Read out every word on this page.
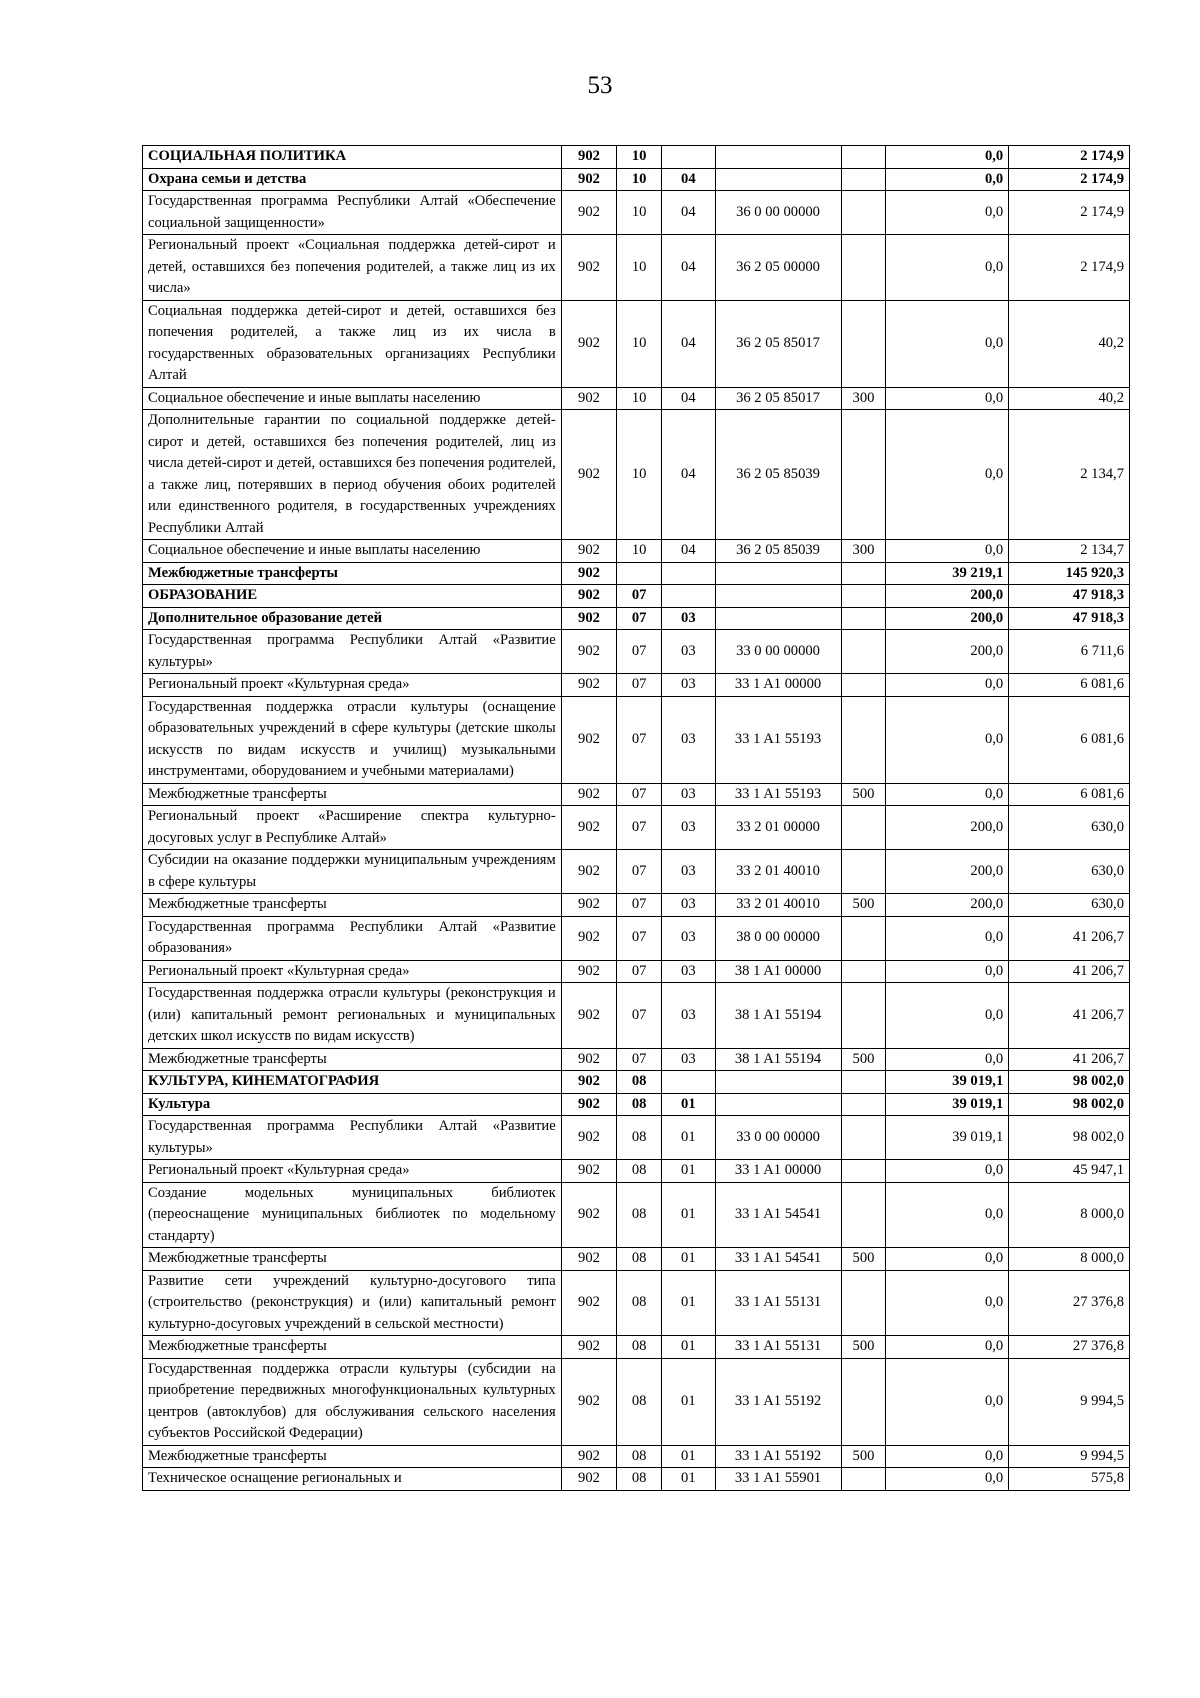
53
СОЦИАЛЬНАЯ ПОЛИТИКА	902	10				0,0	2 174,9
Охрана семьи и детства	902	10	04			0,0	2 174,9
Государственная программа Республики Алтай «Обеспечение социальной защищенности»	902	10	04	36 0 00 00000		0,0	2 174,9
Региональный проект «Социальная поддержка детей-сирот и детей, оставшихся без попечения родителей, а также лиц из их числа»	902	10	04	36 2 05 00000		0,0	2 174,9
Социальная поддержка детей-сирот и детей, оставшихся без попечения родителей, а также лиц из их числа в государственных образовательных организациях Республики Алтай	902	10	04	36 2 05 85017		0,0	40,2
Социальное обеспечение и иные выплаты населению	902	10	04	36 2 05 85017	300	0,0	40,2
Дополнительные гарантии по социальной поддержке детей-сирот и детей, оставшихся без попечения родителей, лиц из числа детей-сирот и детей, оставшихся без попечения родителей, а также лиц, потерявших в период обучения обоих родителей или единственного родителя, в государственных учреждениях Республики Алтай	902	10	04	36 2 05 85039		0,0	2 134,7
Социальное обеспечение и иные выплаты населению	902	10	04	36 2 05 85039	300	0,0	2 134,7
Межбюджетные трансферты	902					39 219,1	145 920,3
ОБРАЗОВАНИЕ	902	07				200,0	47 918,3
Дополнительное образование детей	902	07	03			200,0	47 918,3
Государственная программа Республики Алтай «Развитие культуры»	902	07	03	33 0 00 00000		200,0	6 711,6
Региональный проект «Культурная среда»	902	07	03	33 1 A1 00000		0,0	6 081,6
Государственная поддержка отрасли культуры (оснащение образовательных учреждений в сфере культуры (детские школы искусств по видам искусств и училищ) музыкальными инструментами, оборудованием и учебными материалами)	902	07	03	33 1 A1 55193		0,0	6 081,6
Межбюджетные трансферты	902	07	03	33 1 A1 55193	500	0,0	6 081,6
Региональный проект «Расширение спектра культурно-досуговых услуг в Республике Алтай»	902	07	03	33 2 01 00000		200,0	630,0
Субсидии на оказание поддержки муниципальным учреждениям в сфере культуры	902	07	03	33 2 01 40010		200,0	630,0
Межбюджетные трансферты	902	07	03	33 2 01 40010	500	200,0	630,0
Государственная программа Республики Алтай «Развитие образования»	902	07	03	38 0 00 00000		0,0	41 206,7
Региональный проект «Культурная среда»	902	07	03	38 1 A1 00000		0,0	41 206,7
Государственная поддержка отрасли культуры (реконструкция и (или) капитальный ремонт региональных и муниципальных детских школ искусств по видам искусств)	902	07	03	38 1 A1 55194		0,0	41 206,7
Межбюджетные трансферты	902	07	03	38 1 A1 55194	500	0,0	41 206,7
КУЛЬТУРА, КИНЕМАТОГРАФИЯ	902	08				39 019,1	98 002,0
Культура	902	08	01			39 019,1	98 002,0
Государственная программа Республики Алтай «Развитие культуры»	902	08	01	33 0 00 00000		39 019,1	98 002,0
Региональный проект «Культурная среда»	902	08	01	33 1 A1 00000		0,0	45 947,1
Создание модельных муниципальных библиотек (переоснащение муниципальных библиотек по модельному стандарту)	902	08	01	33 1 A1 54541		0,0	8 000,0
Межбюджетные трансферты	902	08	01	33 1 A1 54541	500	0,0	8 000,0
Развитие сети учреждений культурно-досугового типа (строительство (реконструкция) и (или) капитальный ремонт культурно-досуговых учреждений в сельской местности)	902	08	01	33 1 A1 55131		0,0	27 376,8
Межбюджетные трансферты	902	08	01	33 1 A1 55131	500	0,0	27 376,8
Государственная поддержка отрасли культуры (субсидии на приобретение передвижных многофункциональных культурных центров (автоклубов) для обслуживания сельского населения субъектов Российской Федерации)	902	08	01	33 1 A1 55192		0,0	9 994,5
Межбюджетные трансферты	902	08	01	33 1 A1 55192	500	0,0	9 994,5
Техническое оснащение региональных и	902	08	01	33 1 A1 55901		0,0	575,8
